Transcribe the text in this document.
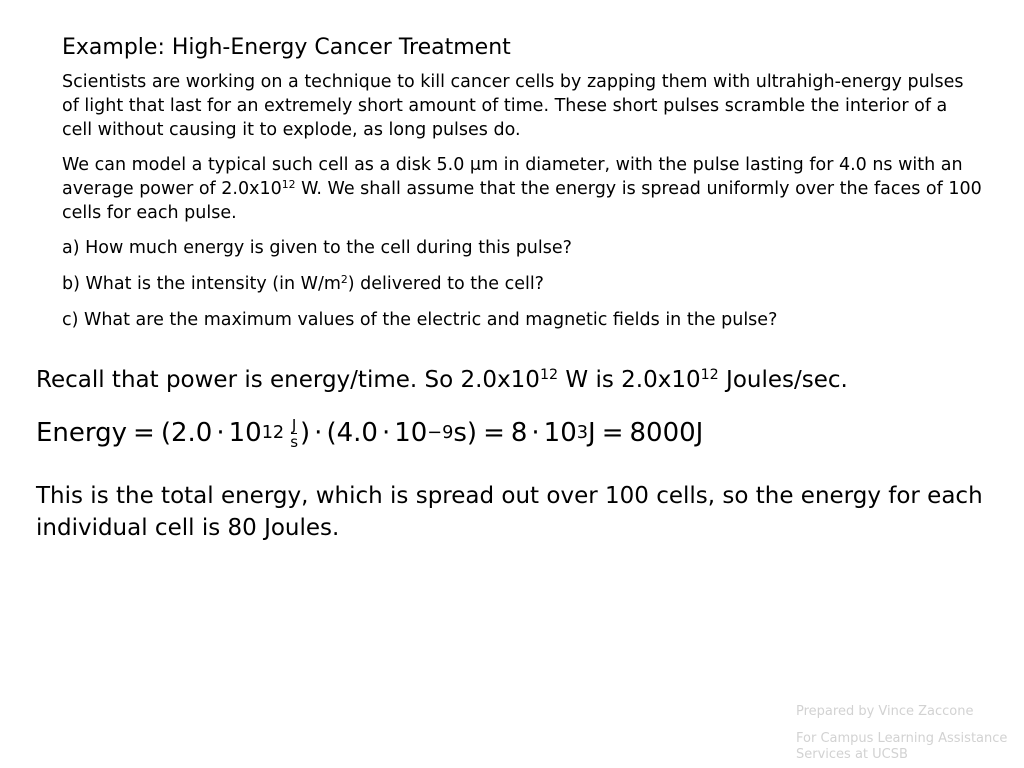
Example: High-Energy Cancer Treatment

Scientists are working on a technique to kill cancer cells by zapping them with ultrahigh-energy pulses of light that last for an extremely short amount of time. These short pulses scramble the interior of a cell without causing it to explode, as long pulses do.

We can model a typical such cell as a disk 5.0 μm in diameter, with the pulse lasting for 4.0 ns with an average power of $2.0x10^{12}$ W. We shall assume that the energy is spread uniformly over the faces of 100 cells for each pulse.

a) How much energy is given to the cell during this pulse?

b) What is the intensity (in $W/m^2$) delivered to the cell?

c) What are the maximum values of the electric and magnetic fields in the pulse?

Recall that power is energy/time. So $2.0x10^{12}$ W is $2.0x10^{12}$ Joules/sec.

Energy = (2.0 · 10 $12 \frac{J}{s}$ ) · (4.0 · 10 −9 s) = 8 · 10 3 J = 8000J

This is the total energy, which is spread out over 100 cells, so the energy for each individual cell is 80 Joules.

Prepared by Vince Zaccone
For Campus Learning Assistance Services at UCSB
